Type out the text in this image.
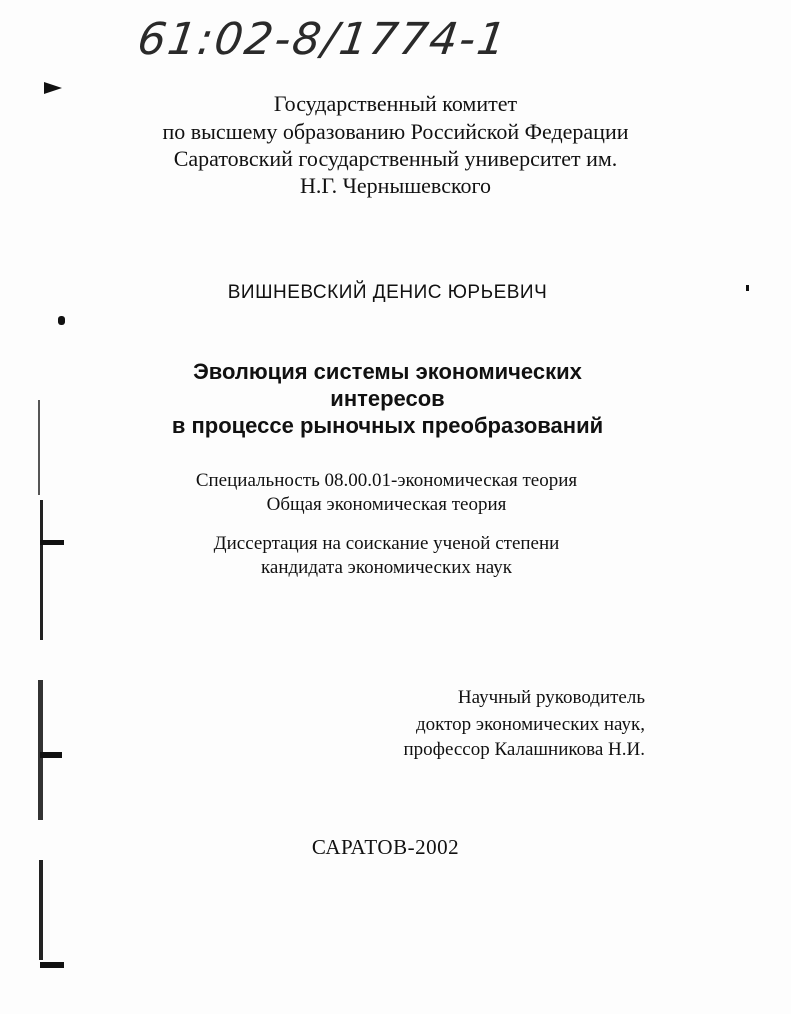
61:02-8/1774-1
Государственный комитет
по высшему образованию Российской Федерации
Саратовский государственный университет им.
Н.Г. Чернышевского
ВИШНЕВСКИЙ ДЕНИС ЮРЬЕВИЧ
Эволюция системы экономических
интересов
в процессе рыночных преобразований
Специальность 08.00.01-экономическая теория
Общая экономическая теория
Диссертация на соискание ученой степени
кандидата экономических наук
Научный руководитель
доктор экономических наук,
профессор Калашникова Н.И.
САРАТОВ-2002
